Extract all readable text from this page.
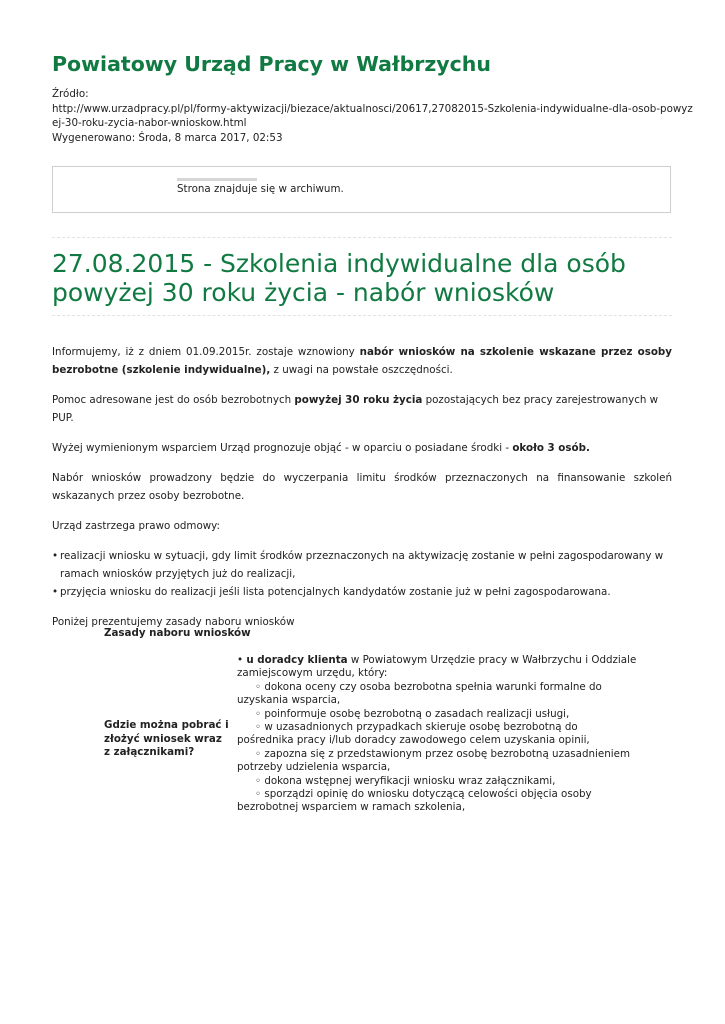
Powiatowy Urząd Pracy w Wałbrzychu
Źródło:
http://www.urzadpracy.pl/pl/formy-aktywizacji/biezace/aktualnosci/20617,27082015-Szkolenia-indywidualne-dla-osob-powyz
ej-30-roku-zycia-nabor-wnioskow.html
Wygenerowano: Środa, 8 marca 2017, 02:53
Strona znajduje się w archiwum.
27.08.2015 - Szkolenia indywidualne dla osób powyżej 30 roku życia - nabór wniosków

Informujemy, iż z dniem 01.09.2015r. zostaje wznowiony nabór wniosków na szkolenie wskazane przez osoby bezrobotne (szkolenie indywidualne), z uwagi na powstałe oszczędności.

Pomoc adresowane jest do osób bezrobotnych powyżej 30 roku życia pozostających bez pracy zarejestrowanych w PUP.

Wyżej wymienionym wsparciem Urząd prognozuje objąć - w oparciu o posiadane środki - około 3 osób.

Nabór wniosków prowadzony będzie do wyczerpania limitu środków przeznaczonych na finansowanie szkoleń wskazanych przez osoby bezrobotne.

Urząd zastrzega prawo odmowy:

• realizacji wniosku w sytuacji, gdy limit środków przeznaczonych na aktywizację zostanie w pełni zagospodarowany w ramach wniosków przyjętych już do realizacji,
• przyjęcia wniosku do realizacji jeśli lista potencjalnych kandydatów zostanie już w pełni zagospodarowana.

Poniżej prezentujemy zasady naboru wniosków

Zasady naboru wniosków
Gdzie można pobrać i złożyć wniosek wraz z załącznikami?
• u doradcy klienta w Powiatowym Urzędzie pracy w Wałbrzychu i Oddziale zamiejscowym urzędu, który:
◦ dokona oceny czy osoba bezrobotna spełnia warunki formalne do uzyskania wsparcia,
◦ poinformuje osobę bezrobotną o zasadach realizacji usługi,
◦ w uzasadnionych przypadkach skieruje osobę bezrobotną do pośrednika pracy i/lub doradcy zawodowego celem uzyskania opinii,
◦ zapozna się z przedstawionym przez osobę bezrobotną uzasadnieniem potrzeby udzielenia wsparcia,
◦ dokona wstępnej weryfikacji wniosku wraz załącznikami,
◦ sporządzi opinię do wniosku dotyczącą celowości objęcia osoby bezrobotnej wsparciem w ramach szkolenia,
